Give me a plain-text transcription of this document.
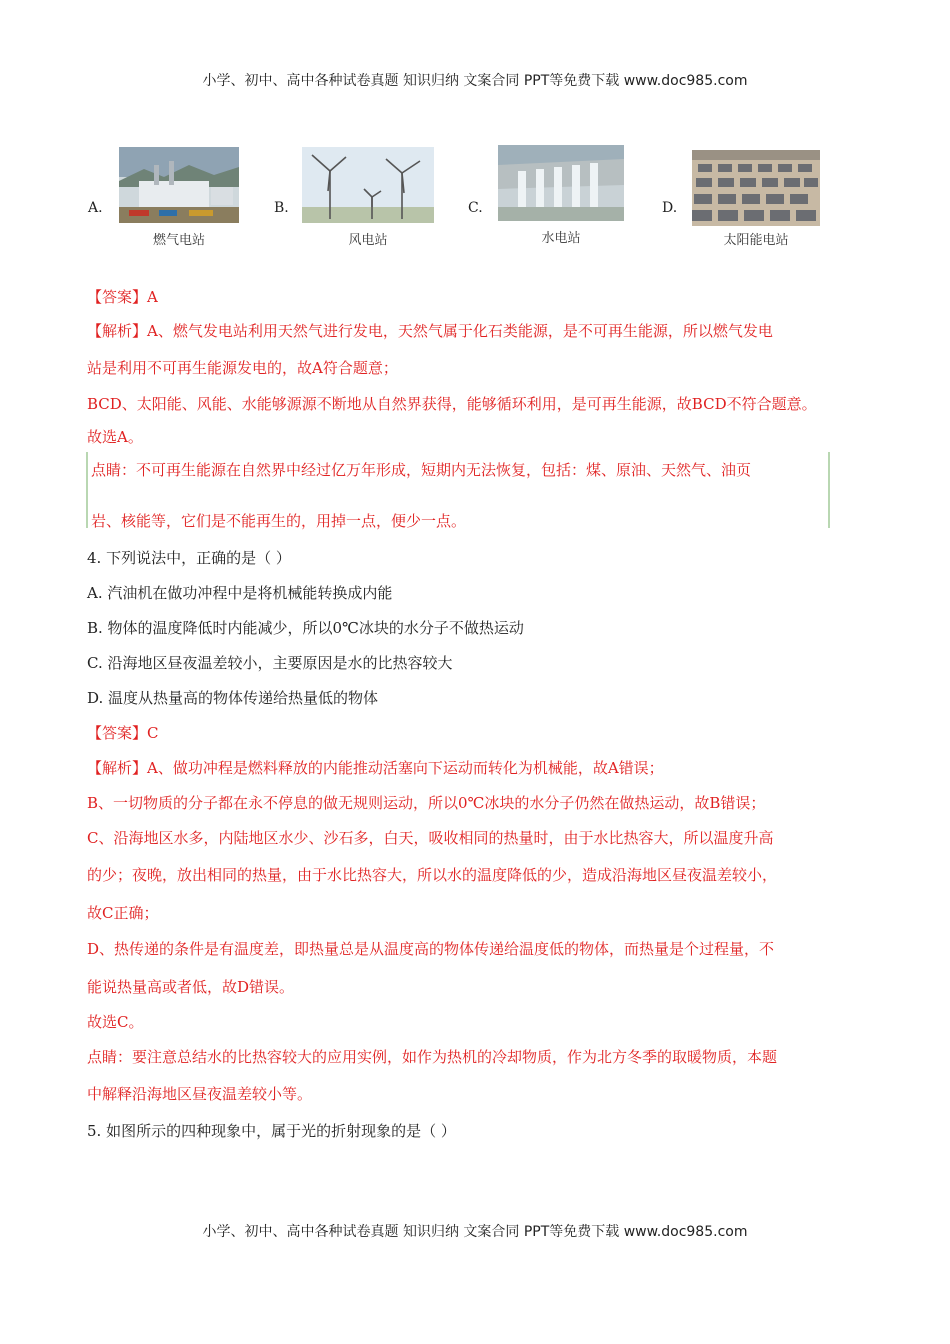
小学、初中、高中各种试卷真题 知识归纳 文案合同 PPT等免费下载 www.doc985.com
A.
燃气电站
B.
风电站
C.
水电站
D.
太阳能电站
【答案】A
【解析】A、燃气发电站利用天然气进行发电，天然气属于化石类能源，是不可再生能源，所以燃气发电
站是利用不可再生能源发电的，故A符合题意；
BCD、太阳能、风能、水能够源源不断地从自然界获得，能够循环利用，是可再生能源，故BCD不符合题意。
故选A。
点睛：不可再生能源在自然界中经过亿万年形成，短期内无法恢复，包括：煤、原油、天然气、油页
岩、核能等，它们是不能再生的，用掉一点，便少一点。
4. 下列说法中，正确的是（ ）
A. 汽油机在做功冲程中是将机械能转换成内能
B. 物体的温度降低时内能减少，所以0℃冰块的水分子不做热运动
C. 沿海地区昼夜温差较小，主要原因是水的比热容较大
D. 温度从热量高的物体传递给热量低的物体
【答案】C
【解析】A、做功冲程是燃料释放的内能推动活塞向下运动而转化为机械能，故A错误；
B、一切物质的分子都在永不停息的做无规则运动，所以0℃冰块的水分子仍然在做热运动，故B错误；
C、沿海地区水多，内陆地区水少、沙石多，白天，吸收相同的热量时，由于水比热容大，所以温度升高
的少；夜晚，放出相同的热量，由于水比热容大，所以水的温度降低的少，造成沿海地区昼夜温差较小，
故C正确；
D、热传递的条件是有温度差，即热量总是从温度高的物体传递给温度低的物体，而热量是个过程量，不
能说热量高或者低，故D错误。
故选C。
点睛：要注意总结水的比热容较大的应用实例，如作为热机的冷却物质，作为北方冬季的取暖物质，本题
中解释沿海地区昼夜温差较小等。
5. 如图所示的四种现象中，属于光的折射现象的是（ ）
小学、初中、高中各种试卷真题 知识归纳 文案合同 PPT等免费下载 www.doc985.com
